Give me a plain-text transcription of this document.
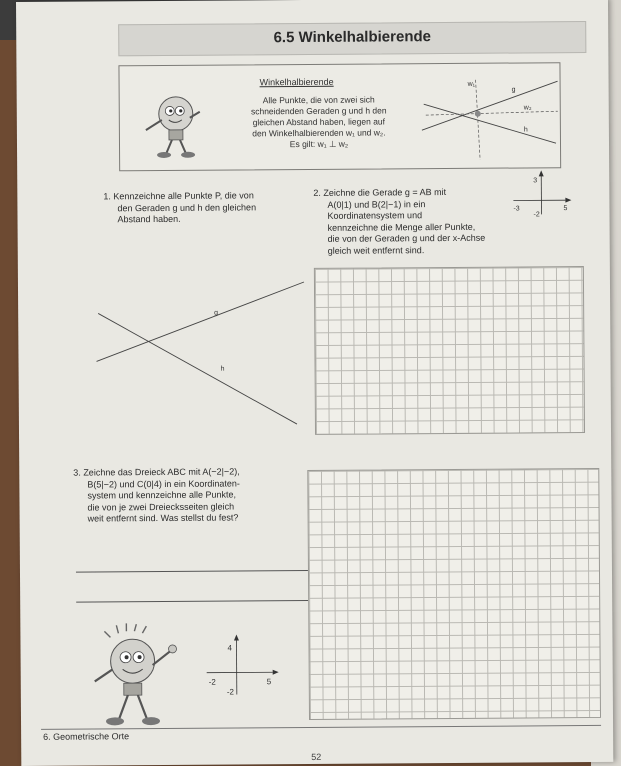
6.5 Winkelhalbierende
Winkelhalbierende
Alle Punkte, die von zwei sich
schneidenden Geraden g und h den
gleichen Abstand haben, liegen auf
den Winkelhalbierenden w₁ und w₂.
Es gilt: w₁ ⊥ w₂
w₁
g
w₂
h
1. Kennzeichne alle Punkte P, die von
den Geraden g und h den gleichen
Abstand haben.
g
h
2. Zeichne die Gerade g = AB mit
A(0|1) und B(2|−1) in ein
Koordinatensystem und
kennzeichne die Menge aller Punkte,
die von der Geraden g und der x-Achse
gleich weit entfernt sind.
3
-3	5
-2
3. Zeichne das Dreieck ABC mit A(−2|−2),
B(5|−2) und C(0|4) in ein Koordinaten-
system und kennzeichne alle Punkte,
die von je zwei Dreiecksseiten gleich
weit entfernt sind. Was stellst du fest?
4
-2	5
-2
6. Geometrische Orte
52
